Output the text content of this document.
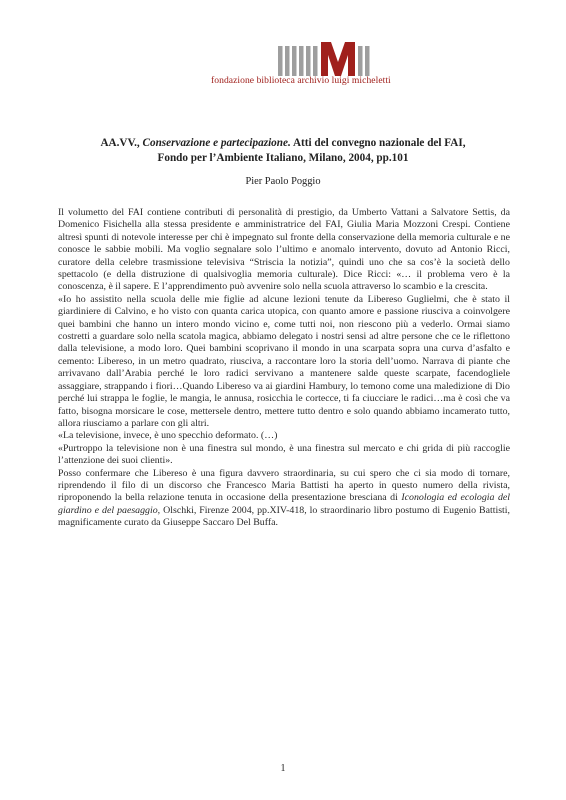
fondazione biblioteca archivio luigi micheletti
AA.VV., Conservazione e partecipazione. Atti del convegno nazionale del FAI,
Fondo per l’Ambiente Italiano, Milano, 2004, pp.101
Pier Paolo Poggio

Il volumetto del FAI contiene contributi di personalità di prestigio, da Umberto Vattani a Salvatore Settis, da Domenico Fisichella alla stessa presidente e amministratrice del FAI, Giulia Maria Mozzoni Crespi. Contiene altresì spunti di notevole interesse per chi è impegnato sul fronte della conservazione della memoria culturale e ne conosce le sabbie mobili. Ma voglio segnalare solo l’ultimo e anomalo intervento, dovuto ad Antonio Ricci, curatore della celebre trasmissione televisiva “Striscia la notizia”, quindi uno che sa cos’è la società dello spettacolo (e della distruzione di qualsivoglia memoria culturale). Dice Ricci: «… il problema vero è la conoscenza, è il sapere. E l’apprendimento può avvenire solo nella scuola attraverso lo scambio e la crescita.

«Io ho assistito nella scuola delle mie figlie ad alcune lezioni tenute da Libereso Guglielmi, che è stato il giardiniere di Calvino, e ho visto con quanta carica utopica, con quanto amore e passione riusciva a coinvolgere quei bambini che hanno un intero mondo vicino e, come tutti noi, non riescono più a vederlo. Ormai siamo costretti a guardare solo nella scatola magica, abbiamo delegato i nostri sensi ad altre persone che ce le riflettono dalla televisione, a modo loro. Quei bambini scoprivano il mondo in una scarpata sopra una curva d’asfalto e cemento: Libereso, in un metro quadrato, riusciva, a raccontare loro la storia dell’uomo. Narrava di piante che arrivavano dall’Arabia perché le loro radici servivano a mantenere salde queste scarpate, facendogliele assaggiare, strappando i fiori…Quando Libereso va ai giardini Hambury, lo temono come una maledizione di Dio perché lui strappa le foglie, le mangia, le annusa, rosicchia le cortecce, ti fa ciucciare le radici…ma è così che va fatto, bisogna morsicare le cose, mettersele dentro, mettere tutto dentro e solo quando abbiamo incamerato tutto, allora riusciamo a parlare con gli altri.

«La televisione, invece, è uno specchio deformato. (…)

«Purtroppo la televisione non è una finestra sul mondo, è una finestra sul mercato e chi grida di più raccoglie l’attenzione dei suoi clienti».

Posso confermare che Libereso è una figura davvero straordinaria, su cui spero che ci sia modo di tornare, riprendendo il filo di un discorso che Francesco Maria Battisti ha aperto in questo numero della rivista, riproponendo la bella relazione tenuta in occasione della presentazione bresciana di Iconologia ed ecologia del giardino e del paesaggio, Olschki, Firenze 2004, pp.XIV-418, lo straordinario libro postumo di Eugenio Battisti, magnificamente curato da Giuseppe Saccaro Del Buffa.

1
